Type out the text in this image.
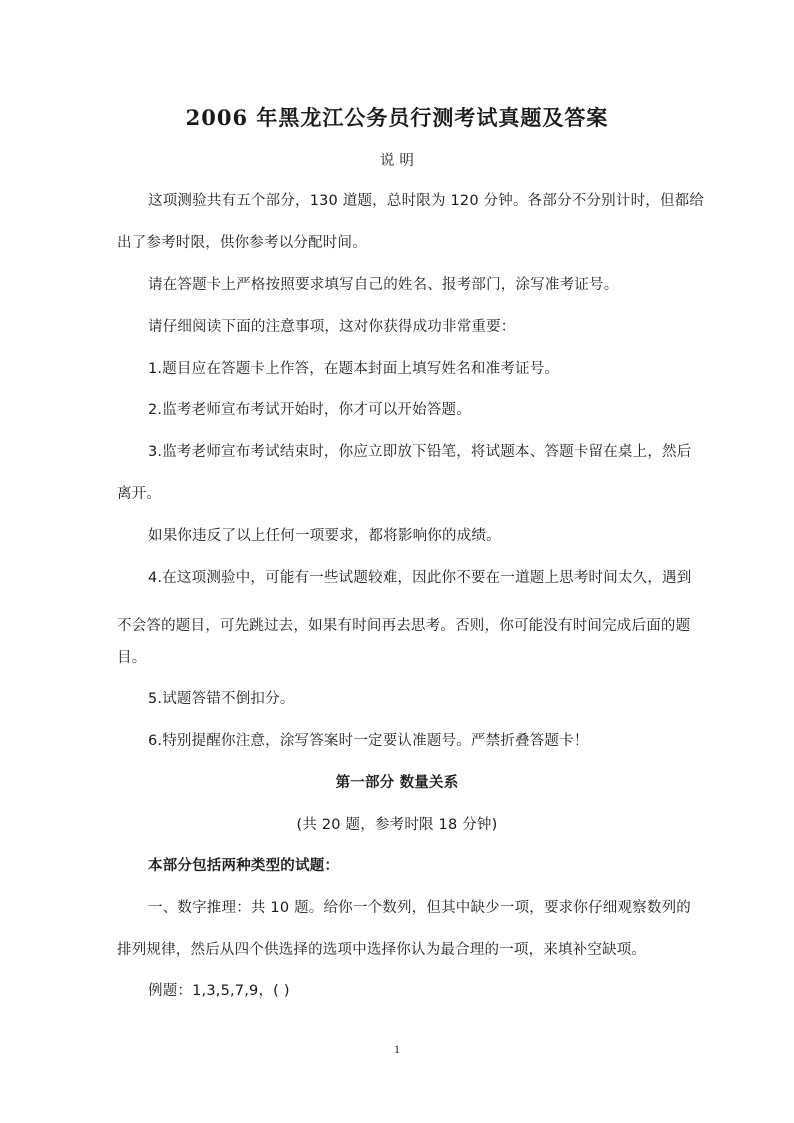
2006 年黑龙江公务员行测考试真题及答案
说 明
这项测验共有五个部分，130 道题，总时限为 120 分钟。各部分不分别计时，但都给
出了参考时限，供你参考以分配时间。
请在答题卡上严格按照要求填写自己的姓名、报考部门，涂写准考证号。
请仔细阅读下面的注意事项，这对你获得成功非常重要：
1.题目应在答题卡上作答，在题本封面上填写姓名和准考证号。
2.监考老师宣布考试开始时，你才可以开始答题。
3.监考老师宣布考试结束时，你应立即放下铅笔，将试题本、答题卡留在桌上，然后
离开。
如果你违反了以上任何一项要求，都将影响你的成绩。
4.在这项测验中，可能有一些试题较难，因此你不要在一道题上思考时间太久，遇到
不会答的题目，可先跳过去，如果有时间再去思考。否则，你可能没有时间完成后面的题
目。
5.试题答错不倒扣分。
6.特别提醒你注意，涂写答案时一定要认准题号。严禁折叠答题卡！
第一部分 数量关系
(共 20 题，参考时限 18 分钟)
本部分包括两种类型的试题：
一、数字推理：共 10 题。给你一个数列，但其中缺少一项，要求你仔细观察数列的
排列规律，然后从四个供选择的选项中选择你认为最合理的一项，来填补空缺项。
例题：1,3,5,7,9，( )
1
